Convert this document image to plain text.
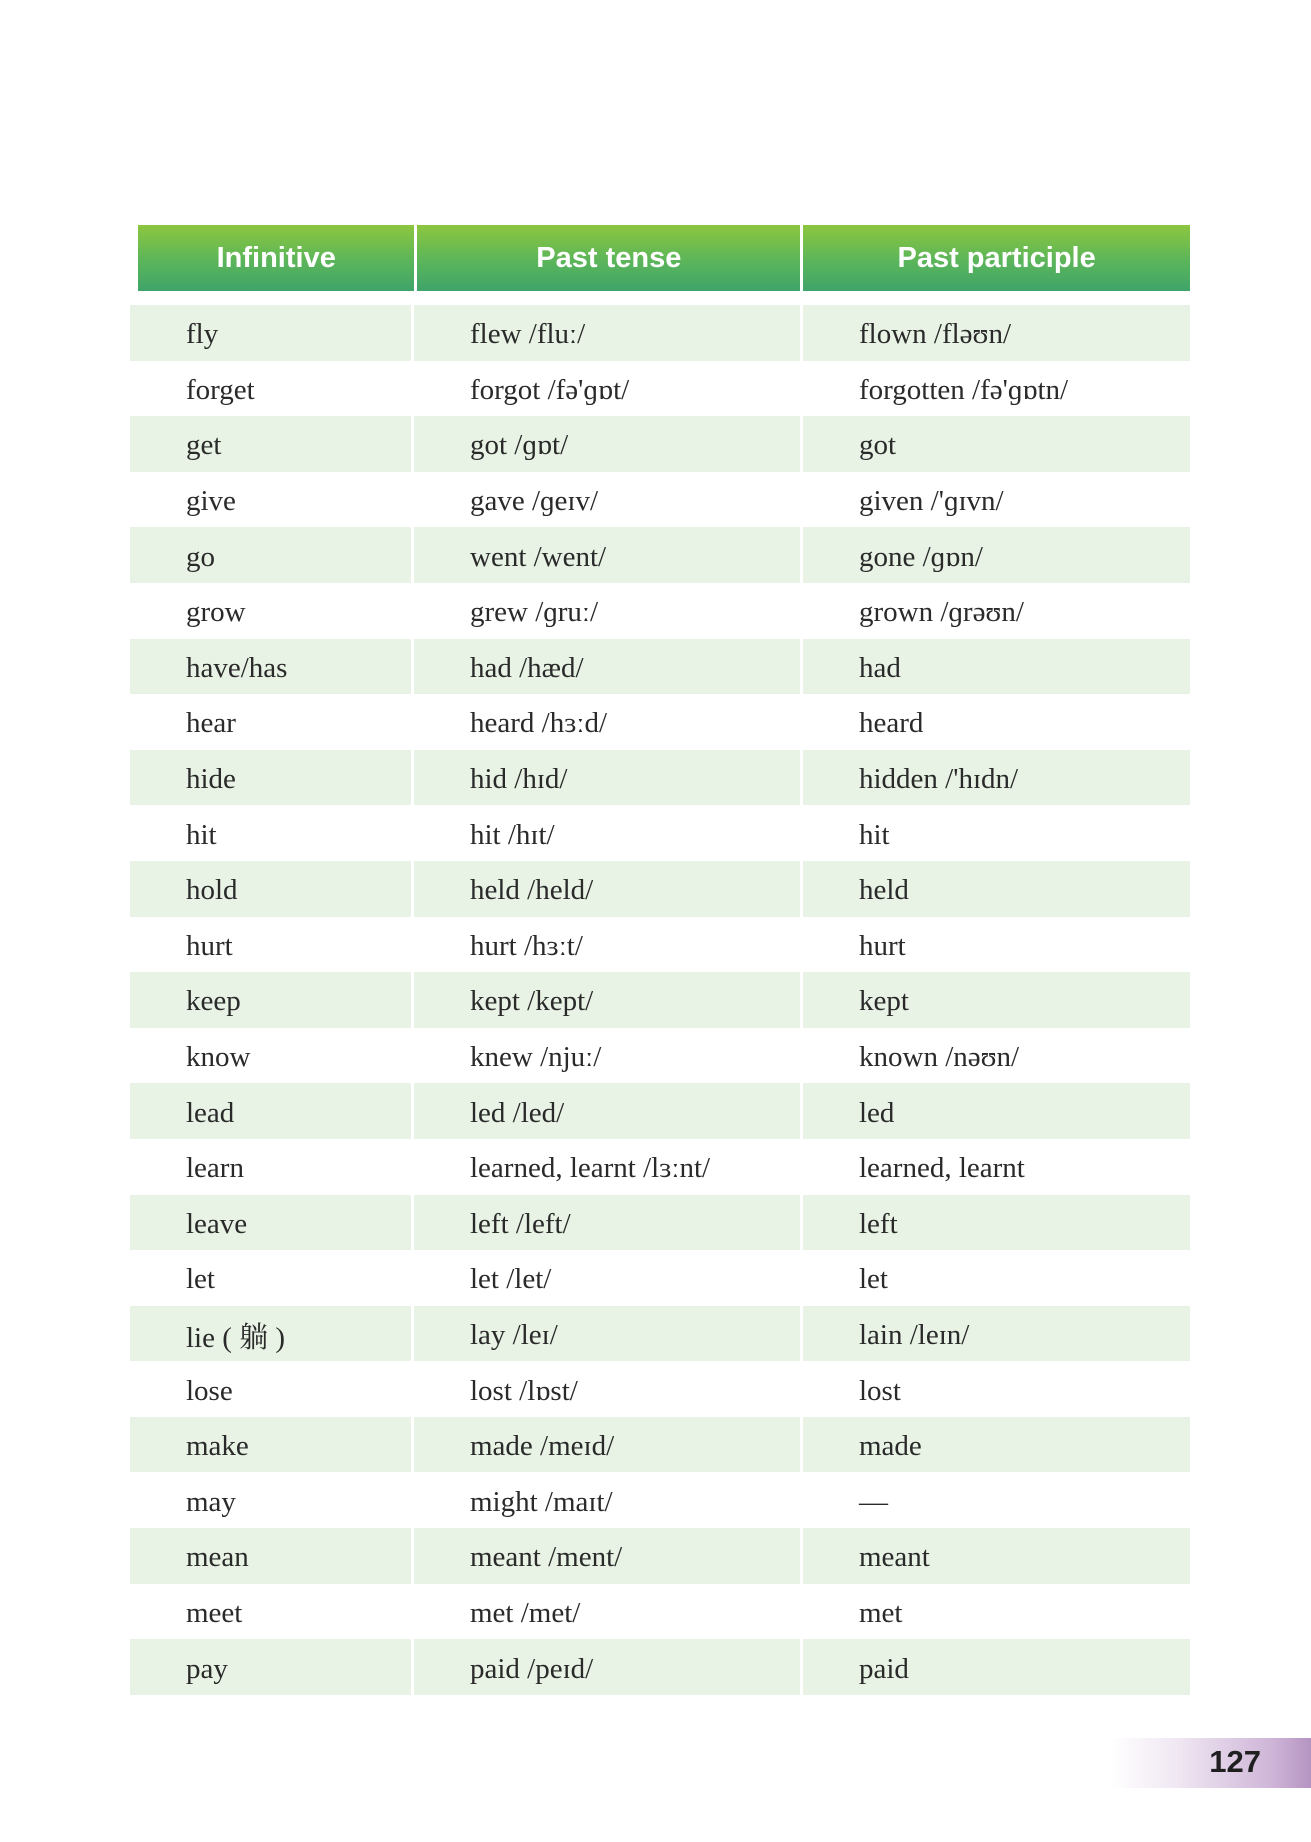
Infinitive	Past tense	Past participle
fly	flew /fluː/	flown /fləʊn/
forget	forgot /fə'ɡɒt/	forgotten /fə'ɡɒtn/
get	got /ɡɒt/	got
give	gave /ɡeɪv/	given /'ɡɪvn/
go	went /went/	gone /ɡɒn/
grow	grew /ɡruː/	grown /ɡrəʊn/
have/has	had /hæd/	had
hear	heard /hɜːd/	heard
hide	hid /hɪd/	hidden /'hɪdn/
hit	hit /hɪt/	hit
hold	held /held/	held
hurt	hurt /hɜːt/	hurt
keep	kept /kept/	kept
know	knew /njuː/	known /nəʊn/
lead	led /led/	led
learn	learned, learnt /lɜːnt/	learned, learnt
leave	left /left/	left
let	let /let/	let
lie ( 躺 )	lay /leɪ/	lain /leɪn/
lose	lost /lɒst/	lost
make	made /meɪd/	made
may	might /maɪt/	—
mean	meant /ment/	meant
meet	met /met/	met
pay	paid /peɪd/	paid
127
